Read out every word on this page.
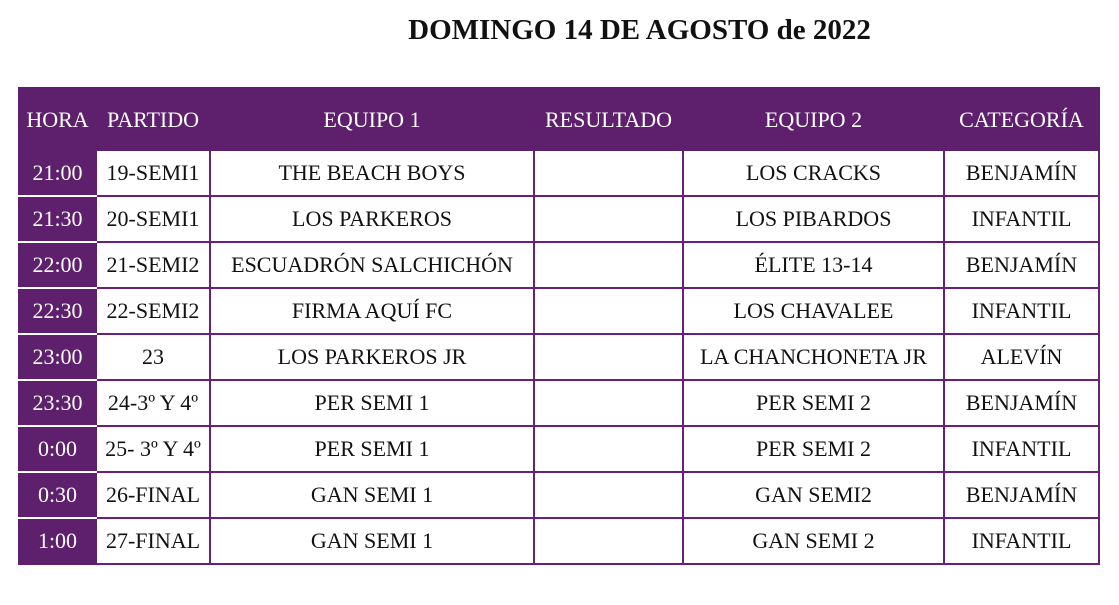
DOMINGO 14 DE AGOSTO de 2022
HORA	PARTIDO	EQUIPO 1	RESULTADO	EQUIPO 2	CATEGORÍA
21:00	19-SEMI1	THE BEACH BOYS		LOS CRACKS	BENJAMÍN
21:30	20-SEMI1	LOS PARKEROS		LOS PIBARDOS	INFANTIL
22:00	21-SEMI2	ESCUADRÓN SALCHICHÓN		ÉLITE 13-14	BENJAMÍN
22:30	22-SEMI2	FIRMA AQUÍ FC		LOS CHAVALEE	INFANTIL
23:00	23	LOS PARKEROS JR		LA CHANCHONETA JR	ALEVÍN
23:30	24-3º Y 4º	PER SEMI 1		PER SEMI 2	BENJAMÍN
0:00	25- 3º Y 4º	PER SEMI 1		PER SEMI 2	INFANTIL
0:30	26-FINAL	GAN SEMI 1		GAN SEMI2	BENJAMÍN
1:00	27-FINAL	GAN SEMI 1		GAN SEMI 2	INFANTIL
